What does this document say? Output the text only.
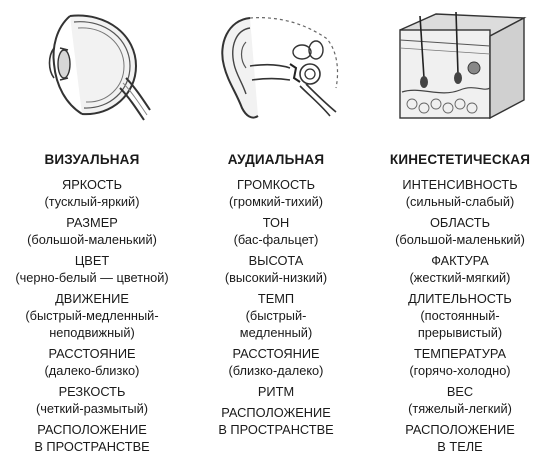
ВИЗУАЛЬНАЯ
ЯРКОСТЬ
(тусклый-яркий)
РАЗМЕР
(большой-маленький)
ЦВЕТ
(черно-белый — цветной)
ДВИЖЕНИЕ
(быстрый-медленный-
неподвижный)
РАССТОЯНИЕ
(далеко-близко)
РЕЗКОСТЬ
(четкий-размытый)
РАСПОЛОЖЕНИЕ
В ПРОСТРАНСТВЕ
АУДИАЛЬНАЯ
ГРОМКОСТЬ
(громкий-тихий)
ТОН
(бас-фальцет)
ВЫСОТА
(высокий-низкий)
ТЕМП
(быстрый-
медленный)
РАССТОЯНИЕ
(близко-далеко)
РИТМ
РАСПОЛОЖЕНИЕ
В ПРОСТРАНСТВЕ
КИНЕСТЕТИЧЕСКАЯ
ИНТЕНСИВНОСТЬ
(сильный-слабый)
ОБЛАСТЬ
(большой-маленький)
ФАКТУРА
(жесткий-мягкий)
ДЛИТЕЛЬНОСТЬ
(постоянный-
прерывистый)
ТЕМПЕРАТУРА
(горячо-холодно)
ВЕС
(тяжелый-легкий)
РАСПОЛОЖЕНИЕ
В ТЕЛЕ
